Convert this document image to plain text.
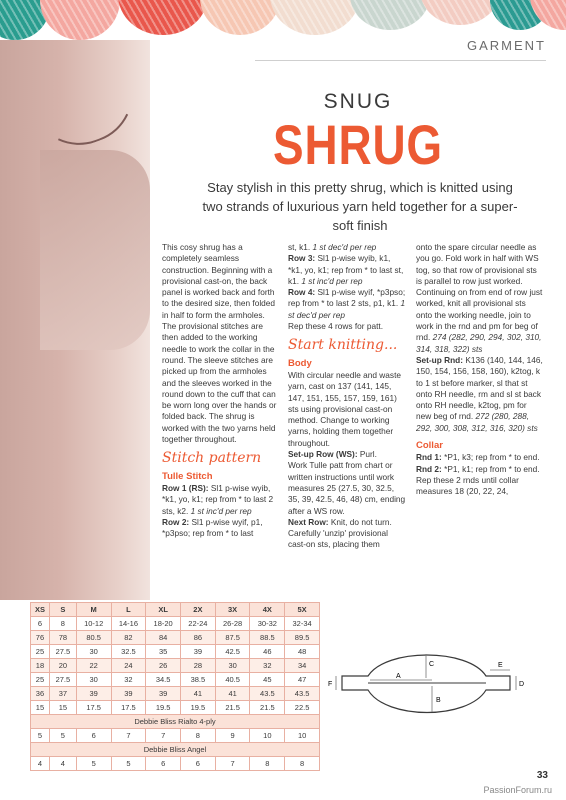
GARMENT
SNUG
SHRUG
Stay stylish in this pretty shrug, which is knitted using two strands of luxurious yarn held together for a super-soft finish

This cosy shrug has a completely seamless construction. Beginning with a provisional cast-on, the back panel is worked back and forth to the desired size, then folded in half to form the armholes. The provisional stitches are then added to the working needle to work the collar in the round. The sleeve stitches are picked up from the armholes and the sleeves worked in the round down to the cuff that can be worn long over the hands or folded back. The shrug is worked with the two yarns held together throughout.

Stitch pattern
Tulle Stitch

Row 1 (RS): Sl1 p-wise wyib, *k1, yo, k1; rep from * to last 2 sts, k2. 1 st inc'd per rep

Row 2: Sl1 p-wise wyif, p1, *p3pso; rep from * to last

st, k1. 1 st dec'd per rep

Row 3: Sl1 p-wise wyib, k1, *k1, yo, k1; rep from * to last st, k1. 1 st inc'd per rep

Row 4: Sl1 p-wise wyif, *p3pso; rep from * to last 2 sts, p1, k1. 1 st dec'd per rep

Rep these 4 rows for patt.

Start knitting...
Body

With circular needle and waste yarn, cast on 137 (141, 145, 147, 151, 155, 157, 159, 161) sts using provisional cast-on method. Change to working yarns, holding them together throughout.

Set-up Row (WS): Purl.

Work Tulle patt from chart or written instructions until work measures 25 (27.5, 30, 32.5, 35, 39, 42.5, 46, 48) cm, ending after a WS row.

Next Row: Knit, do not turn. Carefully 'unzip' provisional cast-on sts, placing them

onto the spare circular needle as you go. Fold work in half with WS tog, so that row of provisional sts is parallel to row just worked. Continuing on from end of row just worked, knit all provisional sts onto the working needle, join to work in the rnd and pm for beg of rnd. 274 (282, 290, 294, 302, 310, 314, 318, 322) sts

Set-up Rnd: K136 (140, 144, 146, 150, 154, 156, 158, 160), k2tog, k to 1 st before marker, sl that st onto RH needle, rm and sl st back onto RH needle, k2tog, pm for new beg of rnd. 272 (280, 288, 292, 300, 308, 312, 316, 320) sts

Collar

Rnd 1: *P1, k3; rep from * to end.

Rnd 2: *P1, k1; rep from * to end.

Rep these 2 rnds until collar measures 18 (20, 22, 24,

XS	S	M	L	XL	2X	3X	4X	5X
6	8	10-12	14-16	18-20	22-24	26-28	30-32	32-34
76	78	80.5	82	84	86	87.5	88.5	89.5
25	27.5	30	32.5	35	39	42.5	46	48
18	20	22	24	26	28	30	32	34
25	27.5	30	32	34.5	38.5	40.5	45	47
36	37	39	39	39	41	41	43.5	43.5
15	15	17.5	17.5	19.5	19.5	21.5	21.5	22.5
Debbie Bliss Rialto 4-ply								
5	5	6	7	7	8	9	10	10
Debbie Bliss Angel								
4	4	5	5	6	6	7	8	8
F
A
B
C
D
E
33
PassionForum.ru
